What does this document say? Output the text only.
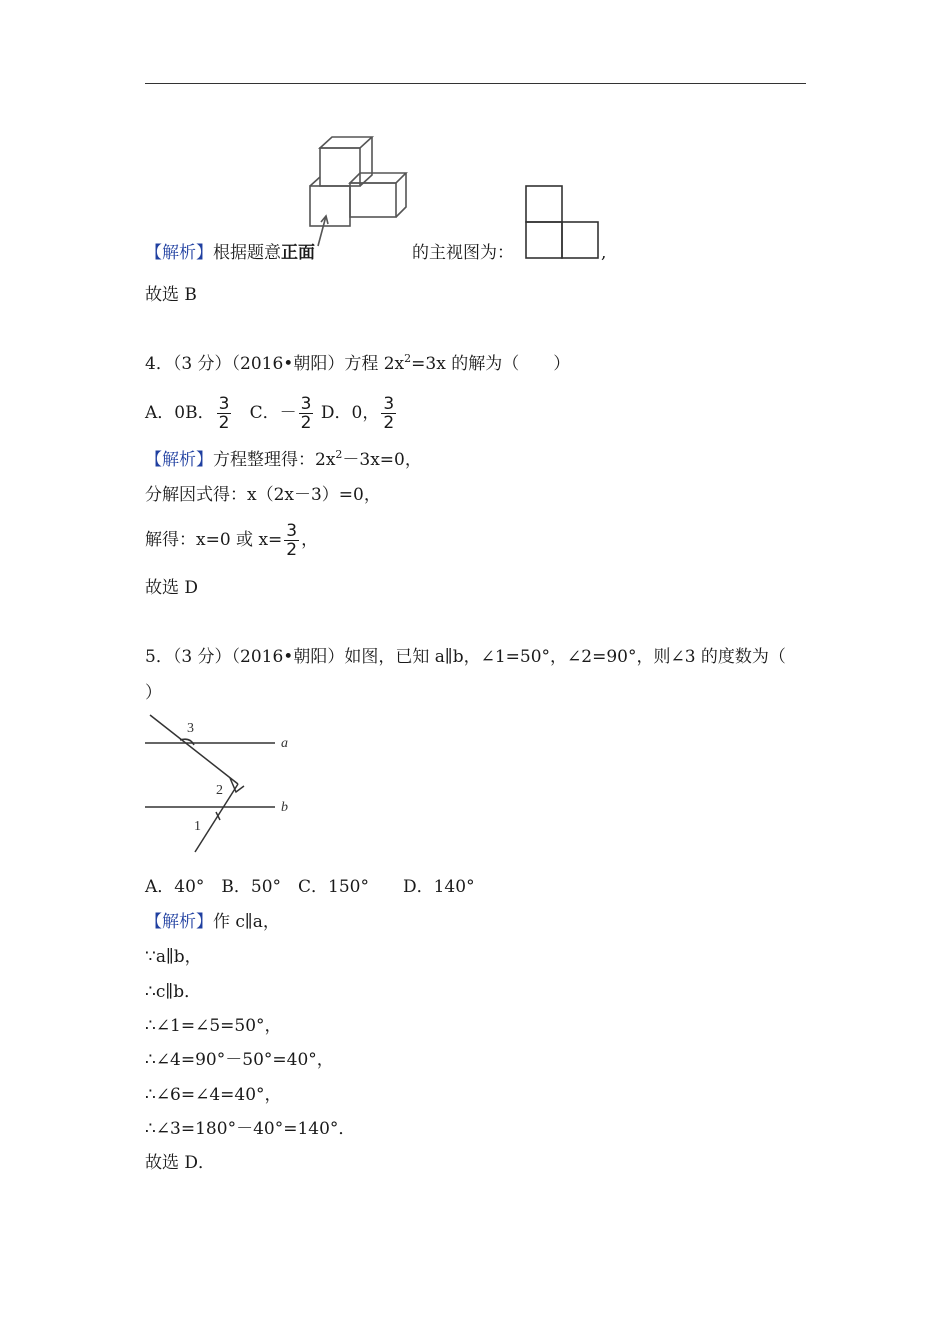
【解析】根据题意正面	的主视图为：	,
故选 B
4．（3 分）（2016•朝阳）方程 $2x^2=3x$ 的解为（　　）
A．0B． $\frac{3}{2}$ C．－ $\frac{3}{2}$ D．0， $\frac{3}{2}$
【解析】方程整理得：$2x^2-3x=0$，
分解因式得：x（2x－3）=0，
解得：x=0 或 $x= \frac{3}{2}$ ，
故选 D
5．（3 分）（2016•朝阳）如图，已知 a∥b，∠1=50°，∠2=90°，则∠3 的度数为（
）
3
a
2
b
1
A．40°　B．50°　C．150°　　D．140°
【解析】作 c∥a，
∵a∥b，
∴c∥b．
∴∠1=∠5=50°，
∴∠4=90°－50°=40°，
∴∠6=∠4=40°，
∴∠3=180°－40°=140°．
故选 D．
